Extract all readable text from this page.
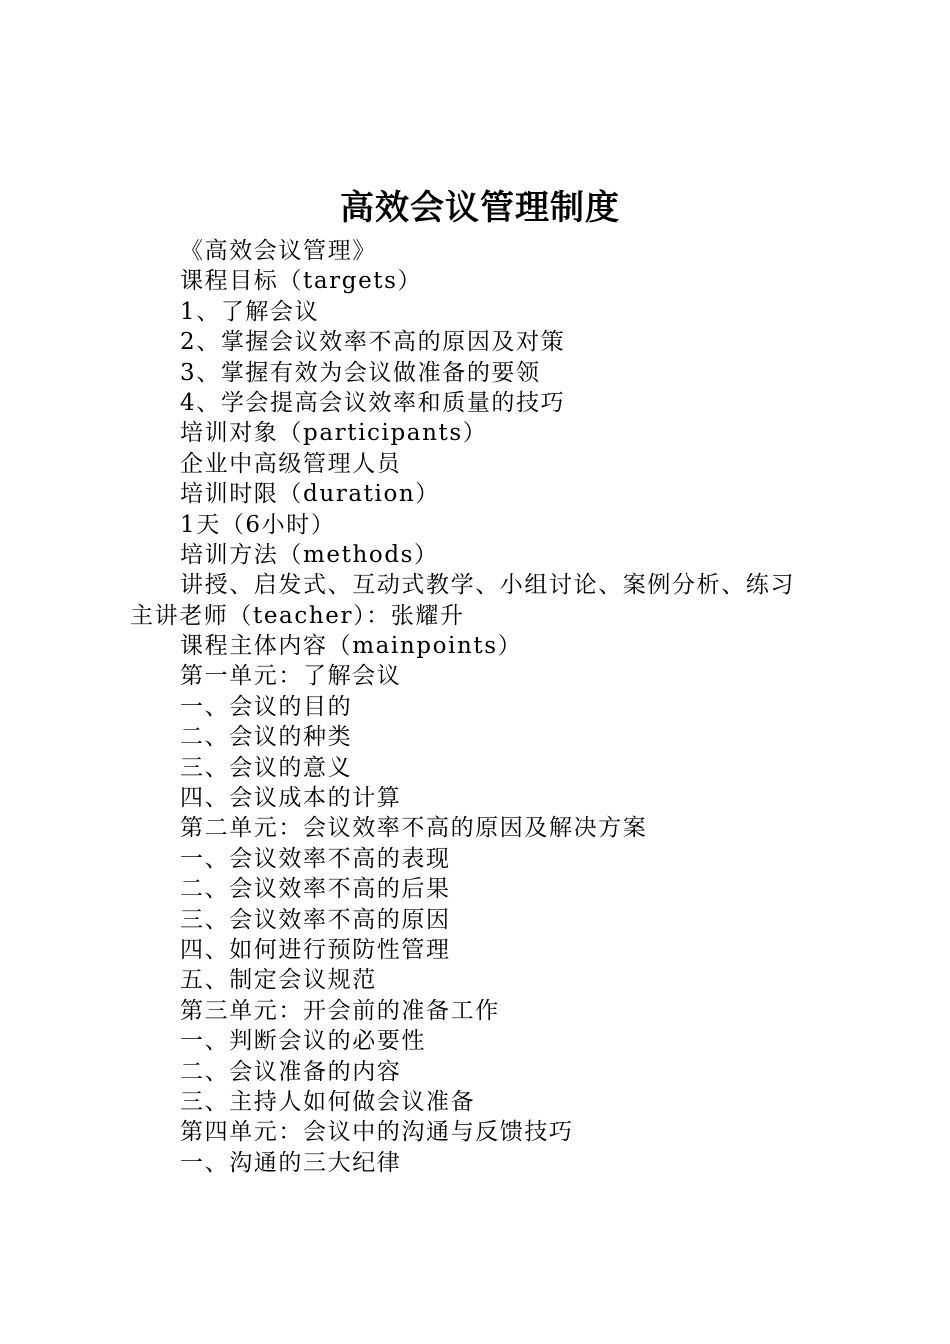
高效会议管理制度
《高效会议管理》
课程目标（targets）
1、了解会议
2、掌握会议效率不高的原因及对策
3、掌握有效为会议做准备的要领
4、学会提高会议效率和质量的技巧
培训对象（participants）
企业中高级管理人员
培训时限（duration）
1天（6小时）
培训方法（methods）
讲授、启发式、互动式教学、小组讨论、案例分析、练习
主讲老师（teacher）：张耀升
课程主体内容（mainpoints）
第一单元：了解会议
一、会议的目的
二、会议的种类
三、会议的意义
四、会议成本的计算
第二单元：会议效率不高的原因及解决方案
一、会议效率不高的表现
二、会议效率不高的后果
三、会议效率不高的原因
四、如何进行预防性管理
五、制定会议规范
第三单元：开会前的准备工作
一、判断会议的必要性
二、会议准备的内容
三、主持人如何做会议准备
第四单元：会议中的沟通与反馈技巧
一、沟通的三大纪律
